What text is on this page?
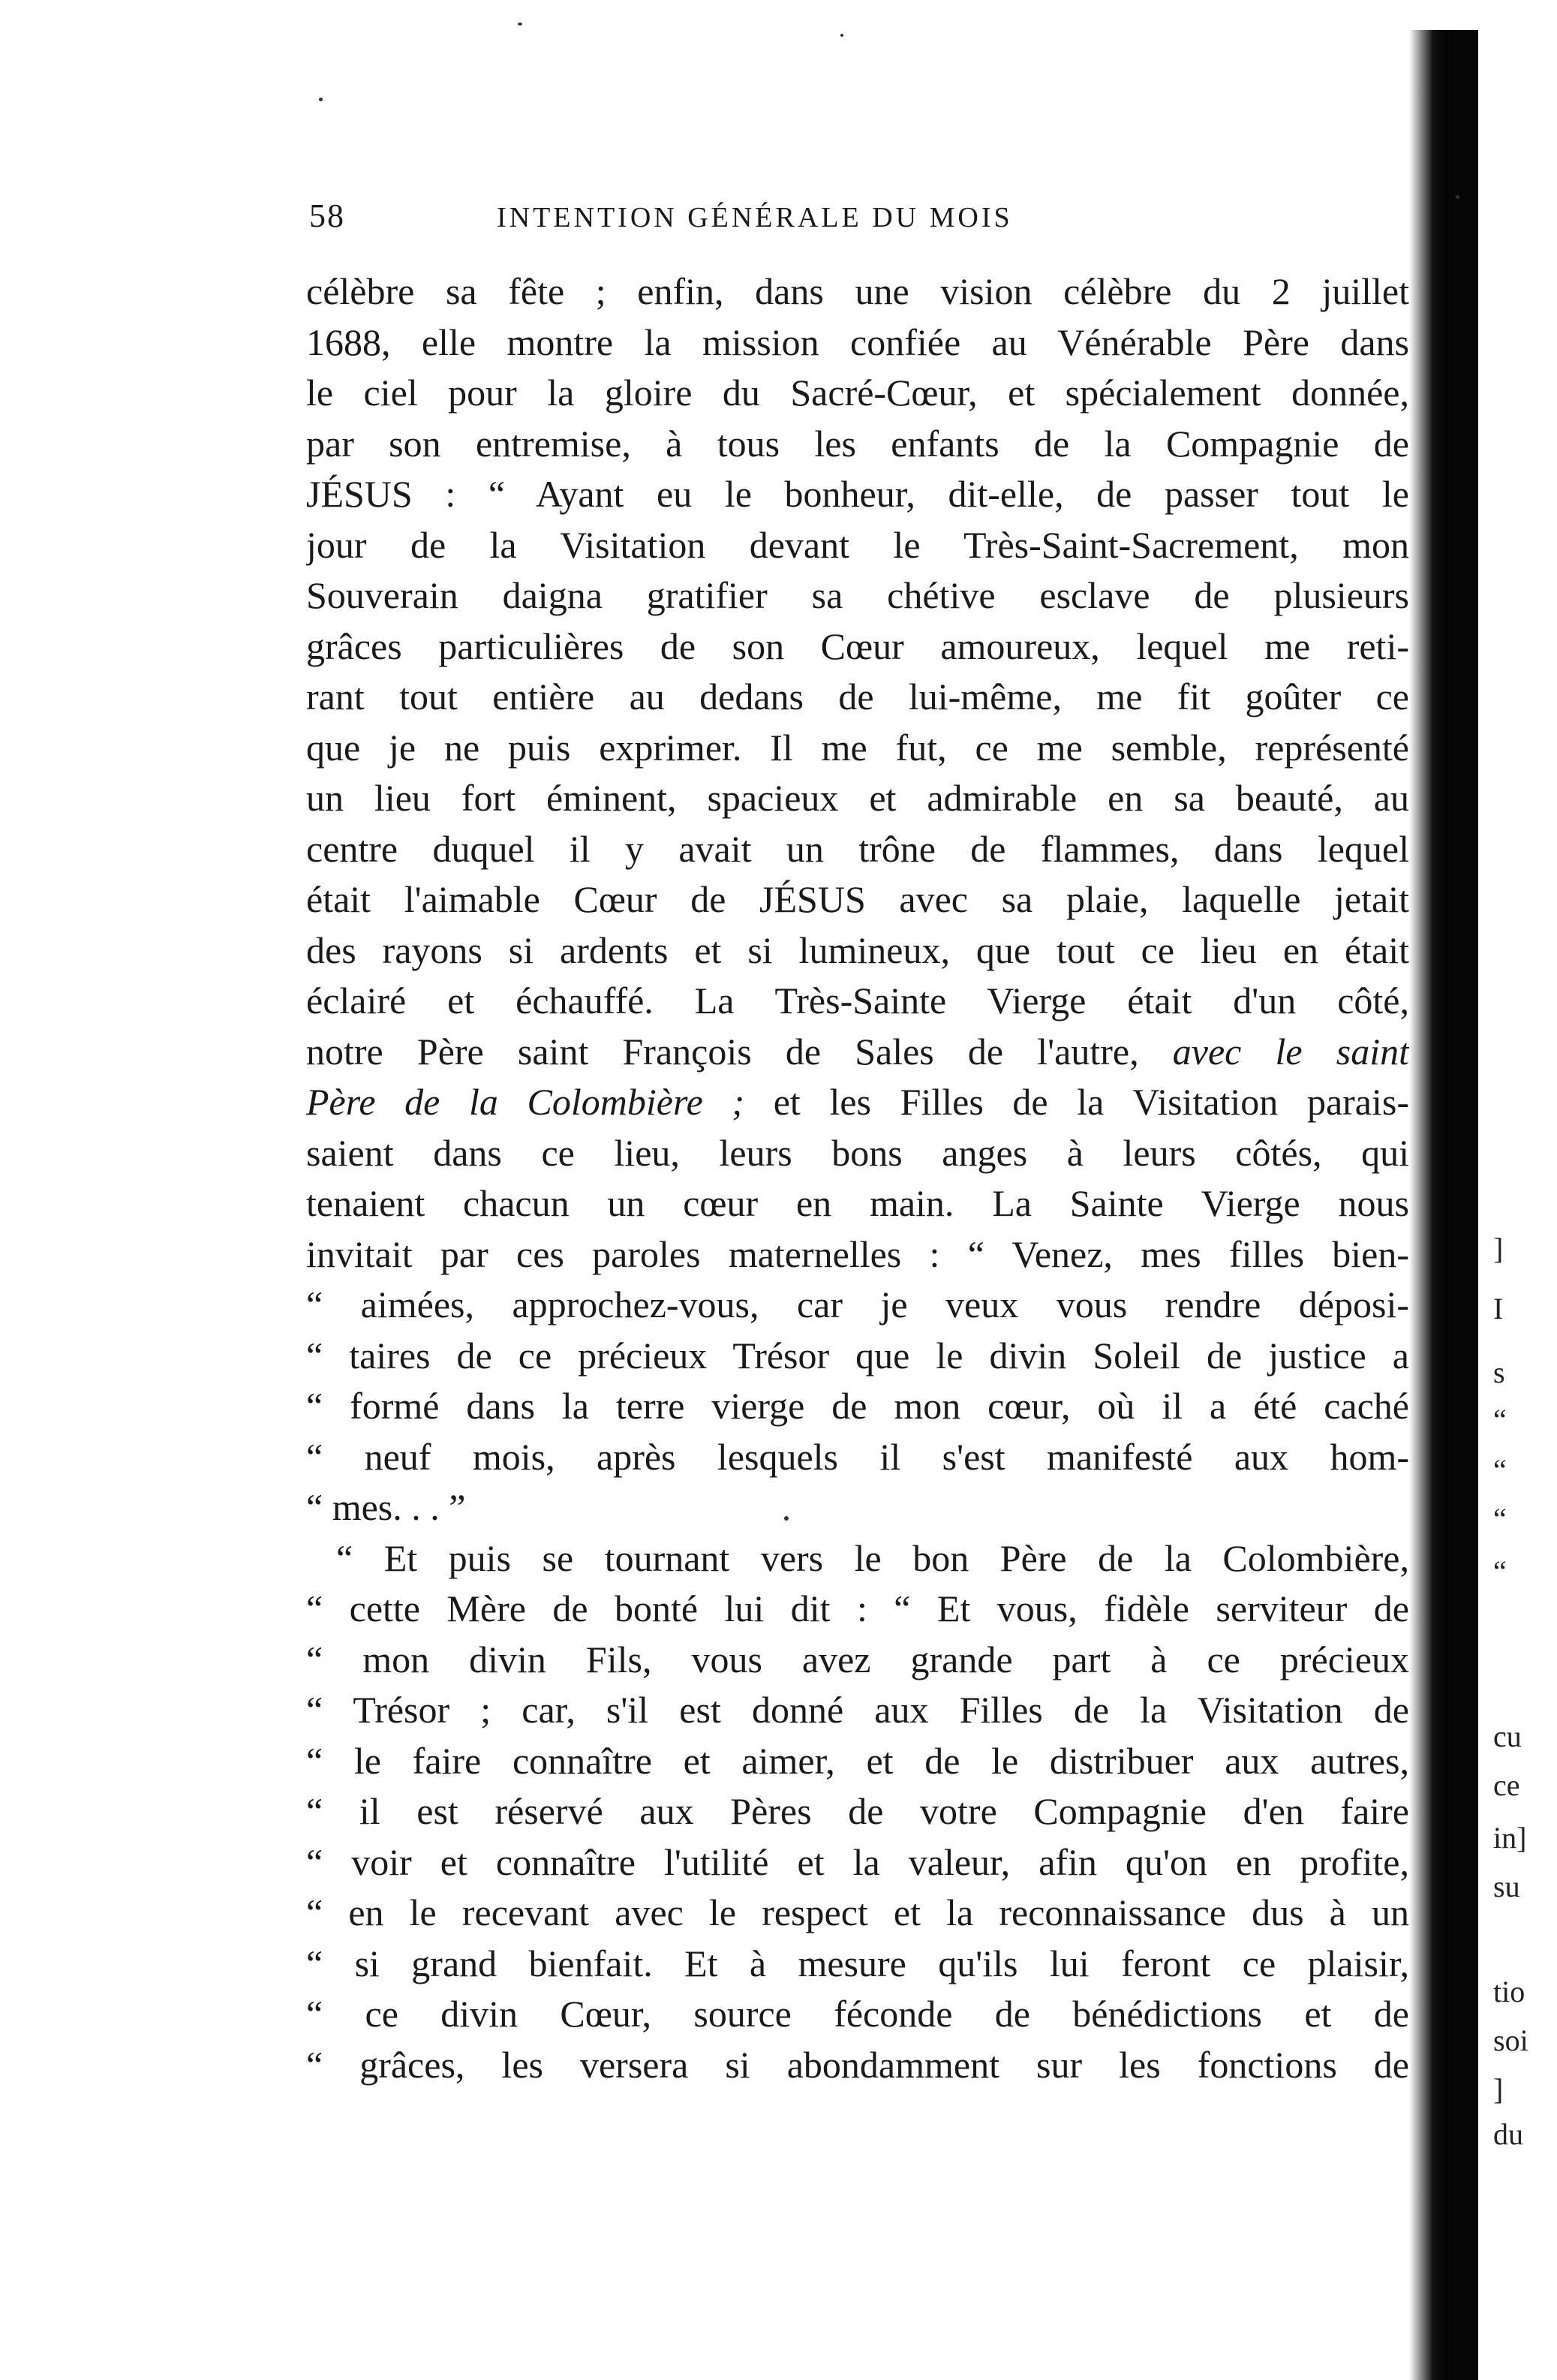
58	INTENTION GÉNÉRALE DU MOIS
célèbre sa fête ; enfin, dans une vision célèbre du 2 juillet
1688, elle montre la mission confiée au Vénérable Père dans
le ciel pour la gloire du Sacré-Cœur, et spécialement donnée,
par son entremise, à tous les enfants de la Compagnie de
JÉSUS : “ Ayant eu le bonheur, dit-elle, de passer tout le
jour de la Visitation devant le Très-Saint-Sacrement, mon
Souverain daigna gratifier sa chétive esclave de plusieurs
grâces particulières de son Cœur amoureux, lequel me reti-
rant tout entière au dedans de lui-même, me fit goûter ce
que je ne puis exprimer. Il me fut, ce me semble, représenté
un lieu fort éminent, spacieux et admirable en sa beauté, au
centre duquel il y avait un trône de flammes, dans lequel
était l'aimable Cœur de JÉSUS avec sa plaie, laquelle jetait
des rayons si ardents et si lumineux, que tout ce lieu en était
éclairé et échauffé. La Très-Sainte Vierge était d'un côté,
notre Père saint François de Sales de l'autre, avec le saint
Père de la Colombière ; et les Filles de la Visitation parais-
saient dans ce lieu, leurs bons anges à leurs côtés, qui
tenaient chacun un cœur en main. La Sainte Vierge nous
invitait par ces paroles maternelles : “ Venez, mes filles bien-
“ aimées, approchez-vous, car je veux vous rendre déposi-
“ taires de ce précieux Trésor que le divin Soleil de justice a
“ formé dans la terre vierge de mon cœur, où il a été caché
“ neuf mois, après lesquels il s'est manifesté aux hom-
“ mes. . . ”
“ Et puis se tournant vers le bon Père de la Colombière,
“ cette Mère de bonté lui dit : “ Et vous, fidèle serviteur de
“ mon divin Fils, vous avez grande part à ce précieux
“ Trésor ; car, s'il est donné aux Filles de la Visitation de
“ le faire connaître et aimer, et de le distribuer aux autres,
“ il est réservé aux Pères de votre Compagnie d'en faire
“ voir et connaître l'utilité et la valeur, afin qu'on en profite,
“ en le recevant avec le respect et la reconnaissance dus à un
“ si grand bienfait. Et à mesure qu'ils lui feront ce plaisir,
“ ce divin Cœur, source féconde de bénédictions et de
“ grâces, les versera si abondamment sur les fonctions de
]
I
s
“
“
“
“
cu
ce
in]
su
tio
soi
]
du
